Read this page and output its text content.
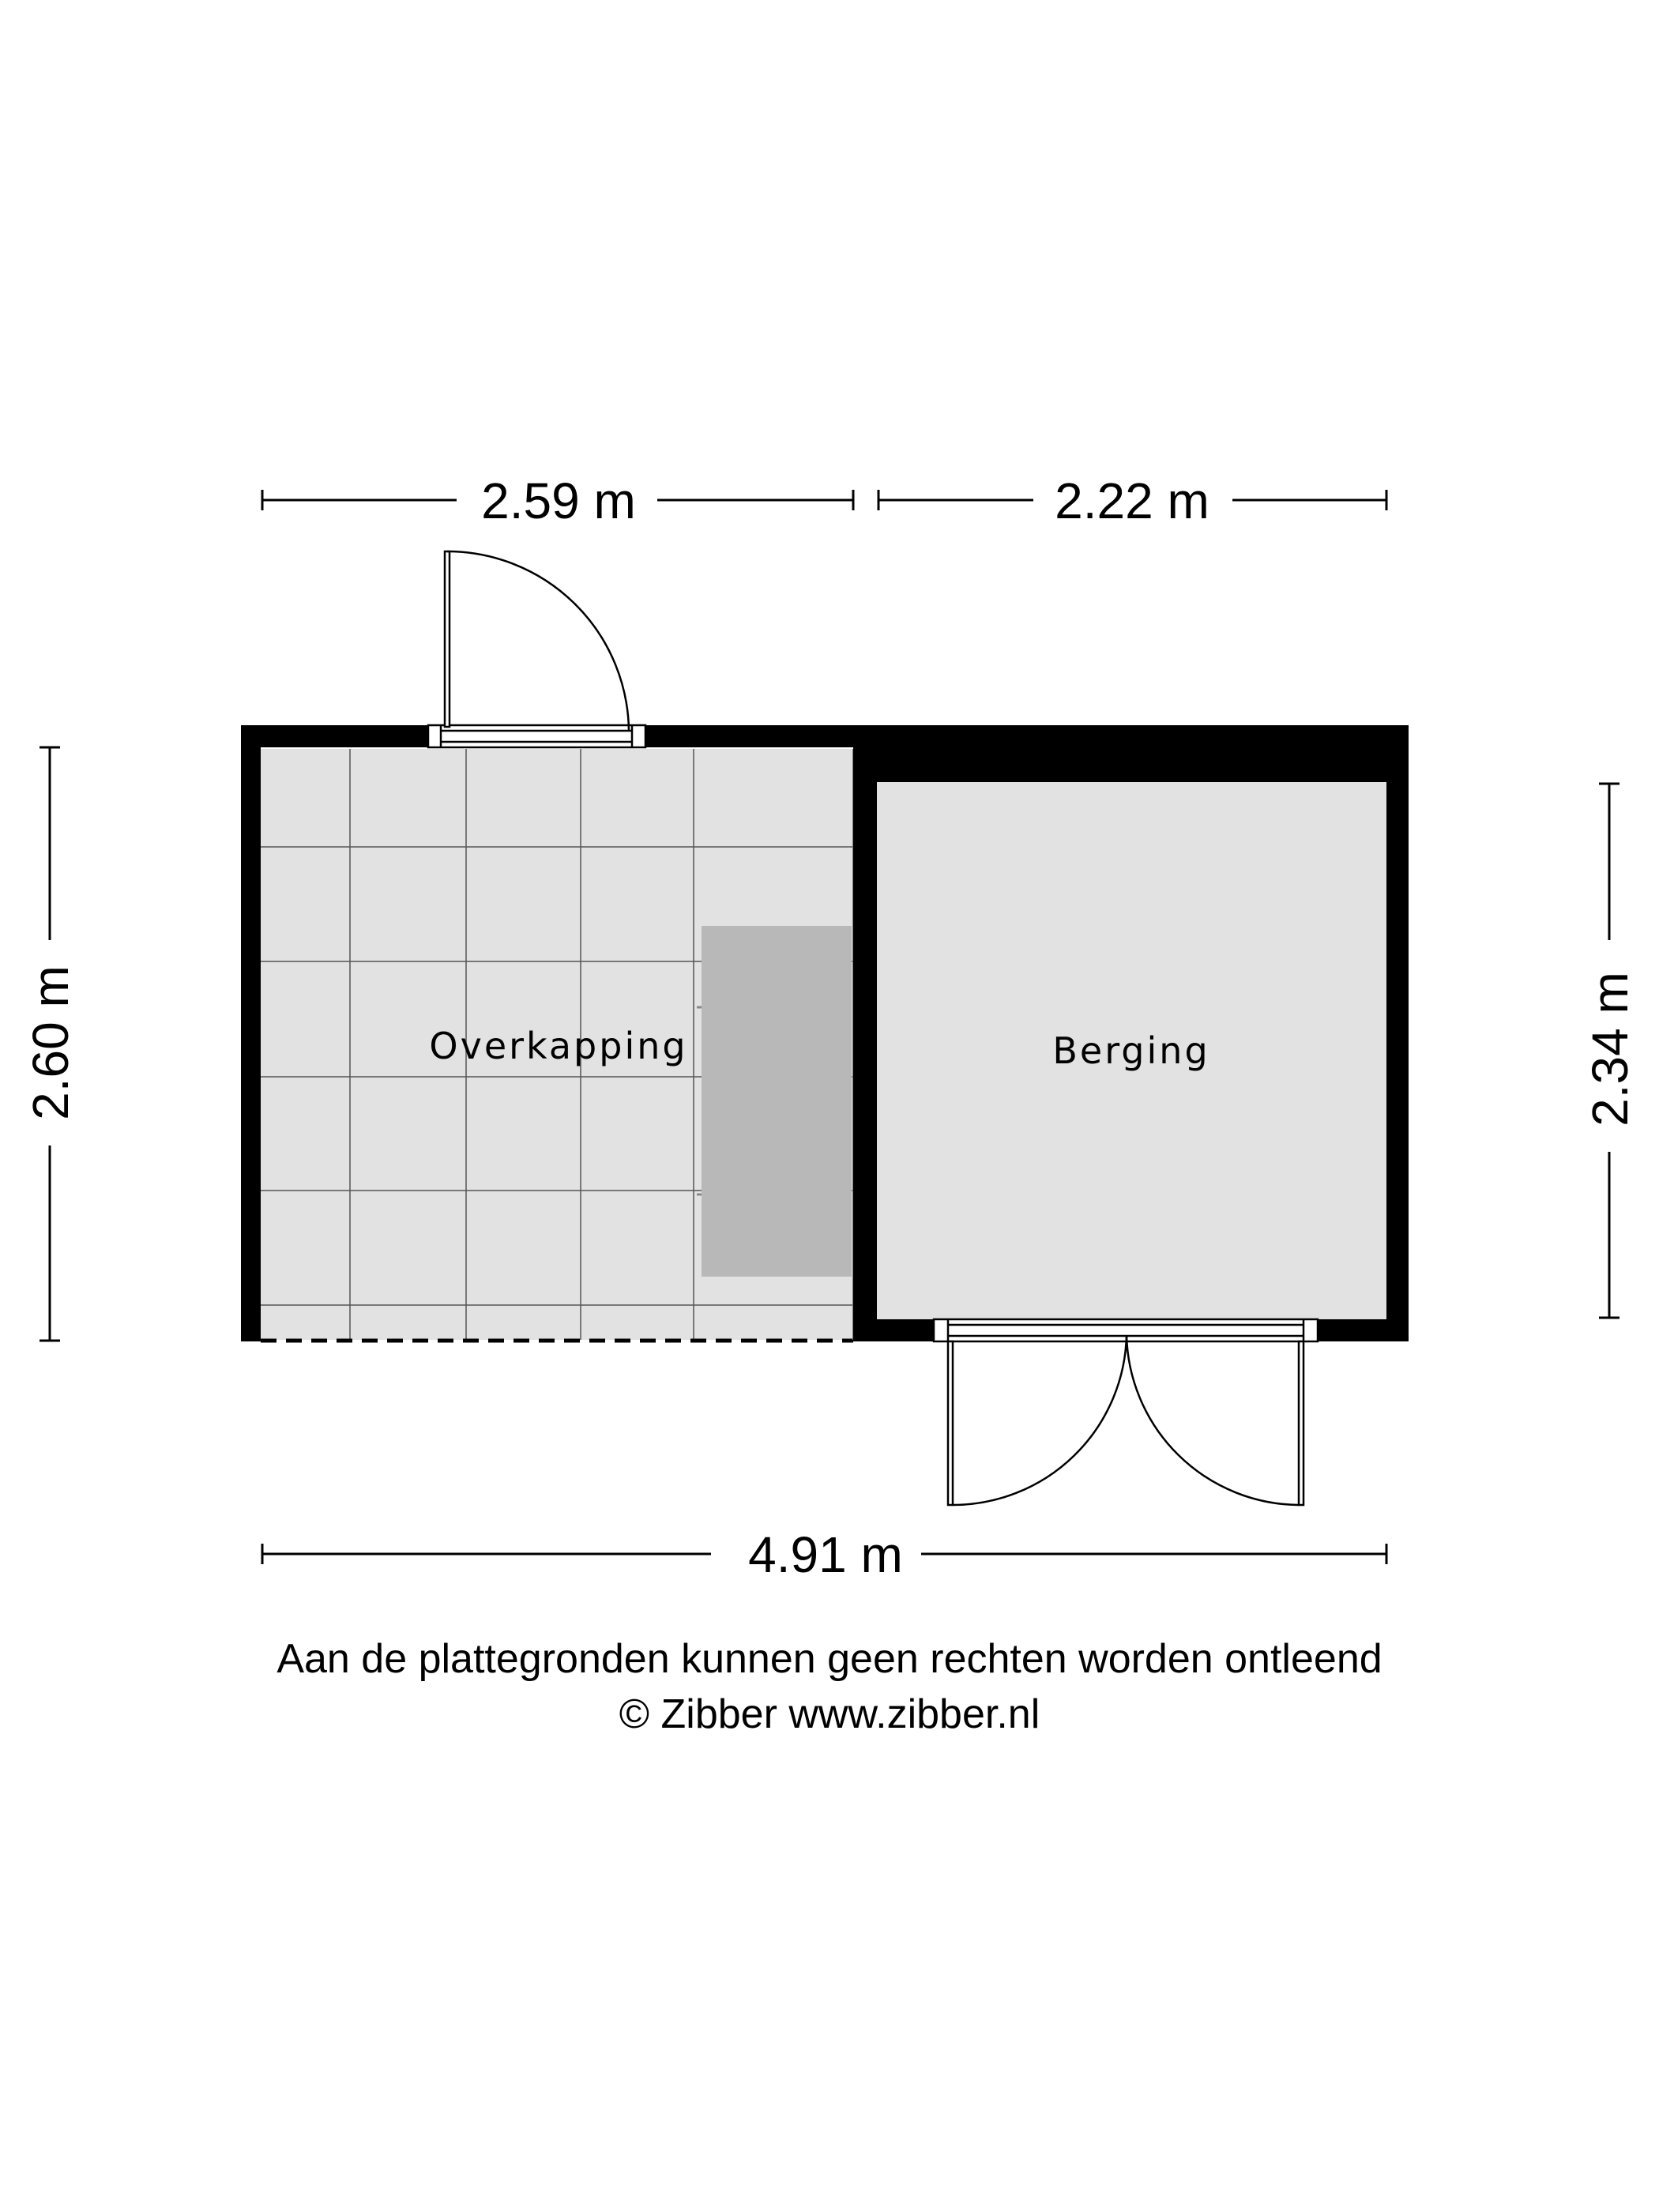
2.59 m	2.22 m
2.60 m	2.34 m
4.91 m
Overkapping	Berging
Aan de plattegronden kunnen geen rechten worden ontleend
© Zibber www.zibber.nl
